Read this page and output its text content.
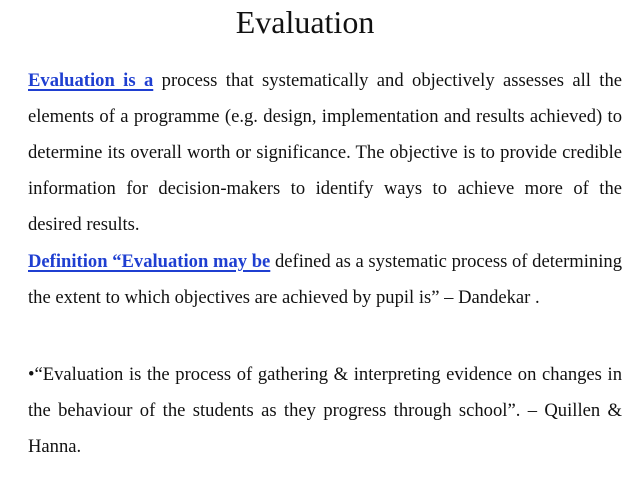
Evaluation

Evaluation is a process that systematically and objectively assesses all the elements of a programme (e.g. design, implementation and results achieved) to determine its overall worth or significance. The objective is to provide credible information for decision-makers to identify ways to achieve more of the desired results.

Definition “Evaluation may be defined as a systematic process of determining the extent to which objectives are achieved by pupil is” – Dandekar .

•“Evaluation is the process of gathering & interpreting evidence on changes in the behaviour of the students as they progress through school”. – Quillen & Hanna.
